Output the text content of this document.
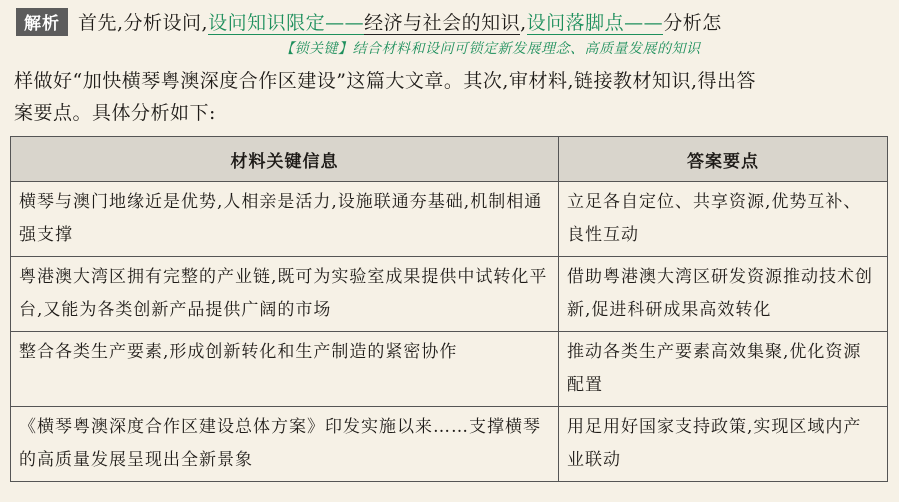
解析 首先,分析设问,设问知识限定——经济与社会的知识,设问落脚点——分析怎
【锁关键】结合材料和设问可锁定新发展理念、高质量发展的知识
样做好“加快横琴粤澳深度合作区建设”这篇大文章。其次,审材料,链接教材知识,得出答
案要点。具体分析如下:
材料关键信息	答案要点
横琴与澳门地缘近是优势,人相亲是活力,设施联通夯基础,机制相通强支撑	立足各自定位、共享资源,优势互补、良性互动
粤港澳大湾区拥有完整的产业链,既可为实验室成果提供中试转化平台,又能为各类创新产品提供广阔的市场	借助粤港澳大湾区研发资源推动技术创新,促进科研成果高效转化
整合各类生产要素,形成创新转化和生产制造的紧密协作	推动各类生产要素高效集聚,优化资源配置
《横琴粤澳深度合作区建设总体方案》印发实施以来……支撑横琴的高质量发展呈现出全新景象	用足用好国家支持政策,实现区域内产业联动
